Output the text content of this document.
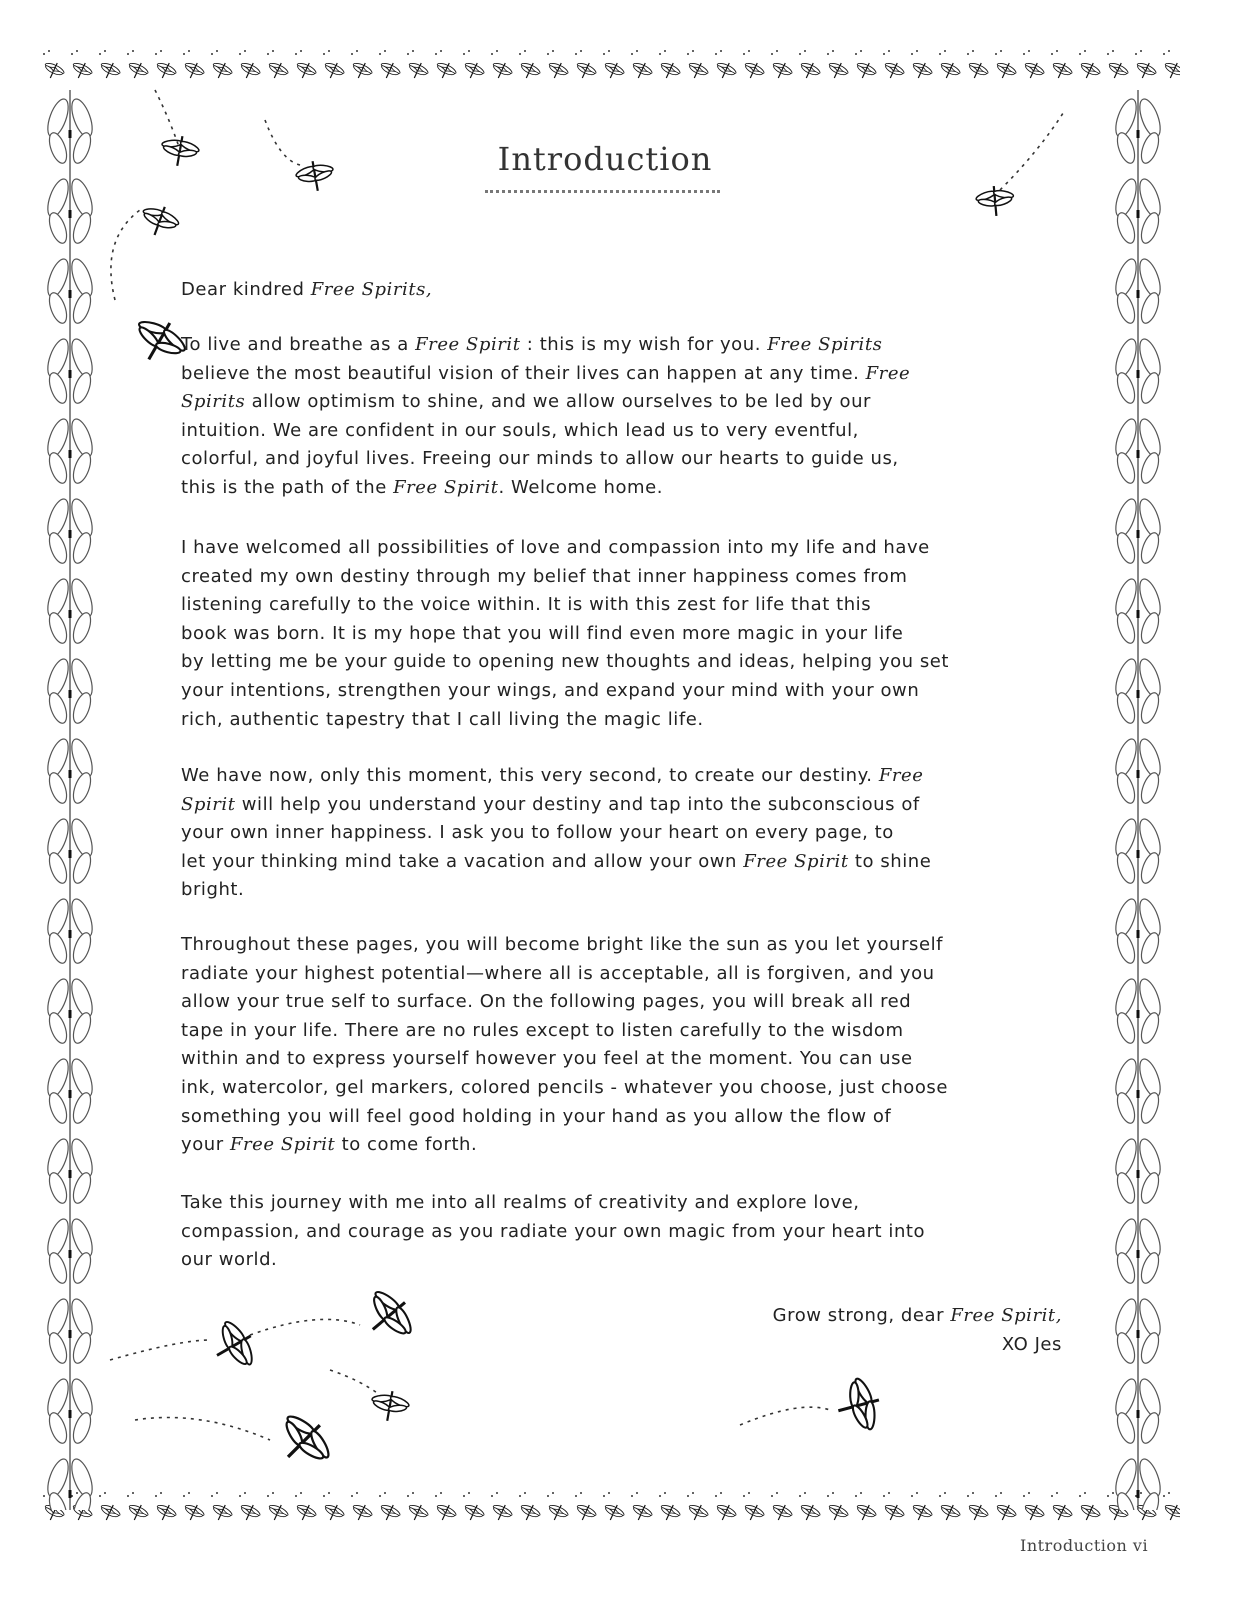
Introduction
Dear kindred Free Spirits,
To live and breathe as a Free Spirit : this is my wish for you. Free Spirits
believe the most beautiful vision of their lives can happen at any time. Free
Spirits allow optimism to shine, and we allow ourselves to be led by our
intuition. We are confident in our souls, which lead us to very eventful,
colorful, and joyful lives. Freeing our minds to allow our hearts to guide us,
this is the path of the Free Spirit. Welcome home.
I have welcomed all possibilities of love and compassion into my life and have
created my own destiny through my belief that inner happiness comes from
listening carefully to the voice within. It is with this zest for life that this
book was born. It is my hope that you will find even more magic in your life
by letting me be your guide to opening new thoughts and ideas, helping you set
your intentions, strengthen your wings, and expand your mind with your own
rich, authentic tapestry that I call living the magic life.
We have now, only this moment, this very second, to create our destiny. Free
Spirit will help you understand your destiny and tap into the subconscious of
your own inner happiness. I ask you to follow your heart on every page, to
let your thinking mind take a vacation and allow your own Free Spirit to shine
bright.
Throughout these pages, you will become bright like the sun as you let yourself
radiate your highest potential—where all is acceptable, all is forgiven, and you
allow your true self to surface. On the following pages, you will break all red
tape in your life. There are no rules except to listen carefully to the wisdom
within and to express yourself however you feel at the moment. You can use
ink, watercolor, gel markers, colored pencils - whatever you choose, just choose
something you will feel good holding in your hand as you allow the flow of
your Free Spirit to come forth.
Take this journey with me into all realms of creativity and explore love,
compassion, and courage as you radiate your own magic from your heart into
our world.
Grow strong, dear Free Spirit,
XO Jes
Introduction vi
